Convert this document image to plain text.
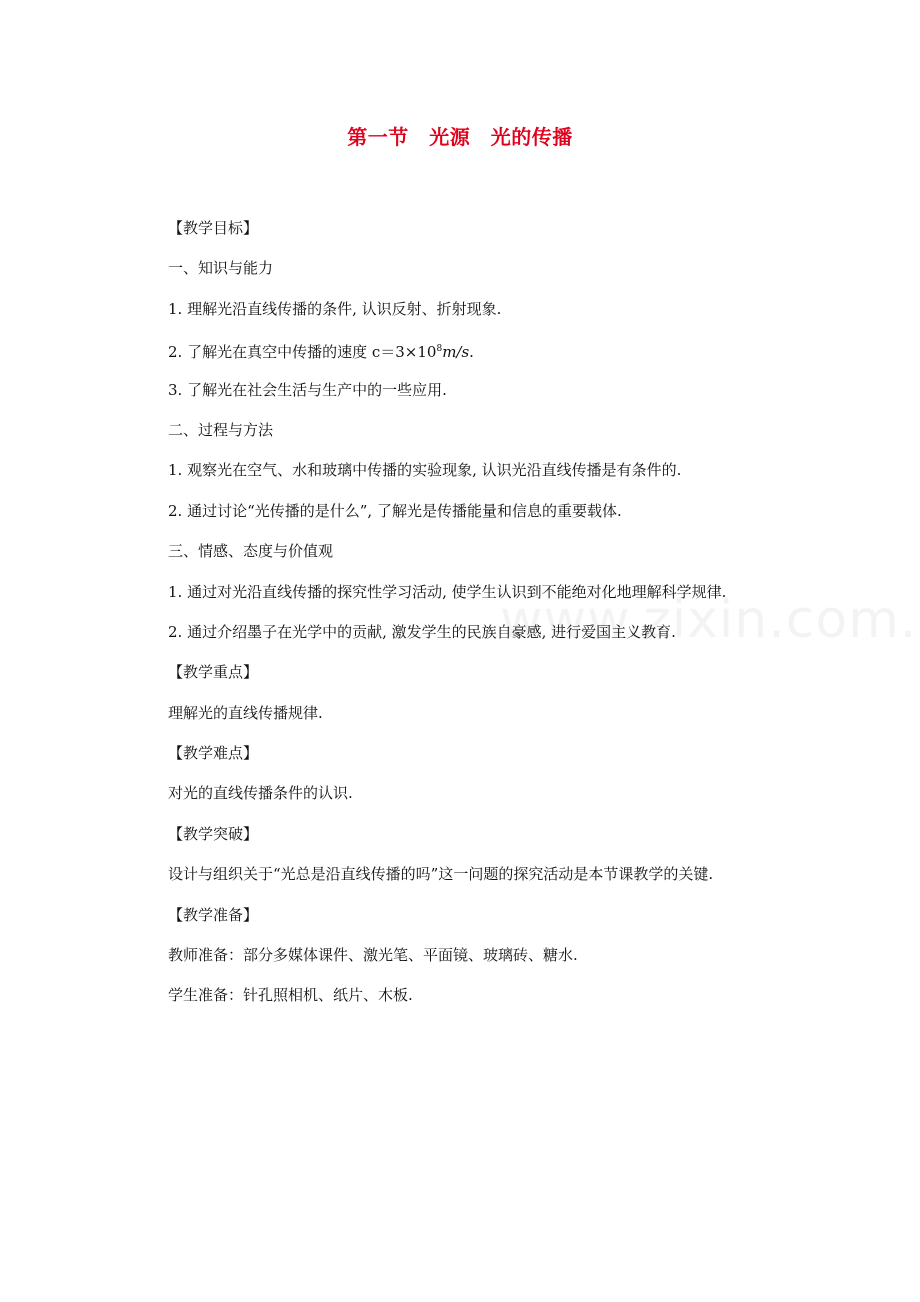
第一节　光源　光的传播
【教学目标】
一、知识与能力
1. 理解光沿直线传播的条件, 认识反射、折射现象.
2. 了解光在真空中传播的速度 $c=3\times 10^8m/s$.
3. 了解光在社会生活与生产中的一些应用.
二、过程与方法
1. 观察光在空气、水和玻璃中传播的实验现象, 认识光沿直线传播是有条件的.
2. 通过讨论“光传播的是什么”, 了解光是传播能量和信息的重要载体.
三、情感、态度与价值观
1. 通过对光沿直线传播的探究性学习活动, 使学生认识到不能绝对化地理解科学规律.
2. 通过介绍墨子在光学中的贡献, 激发学生的民族自豪感, 进行爱国主义教育.
【教学重点】
理解光的直线传播规律.
【教学难点】
对光的直线传播条件的认识.
【教学突破】
设计与组织关于“光总是沿直线传播的吗”这一问题的探究活动是本节课教学的关键.
【教学准备】
教师准备：部分多媒体课件、激光笔、平面镜、玻璃砖、糖水.
学生准备：针孔照相机、纸片、木板.
